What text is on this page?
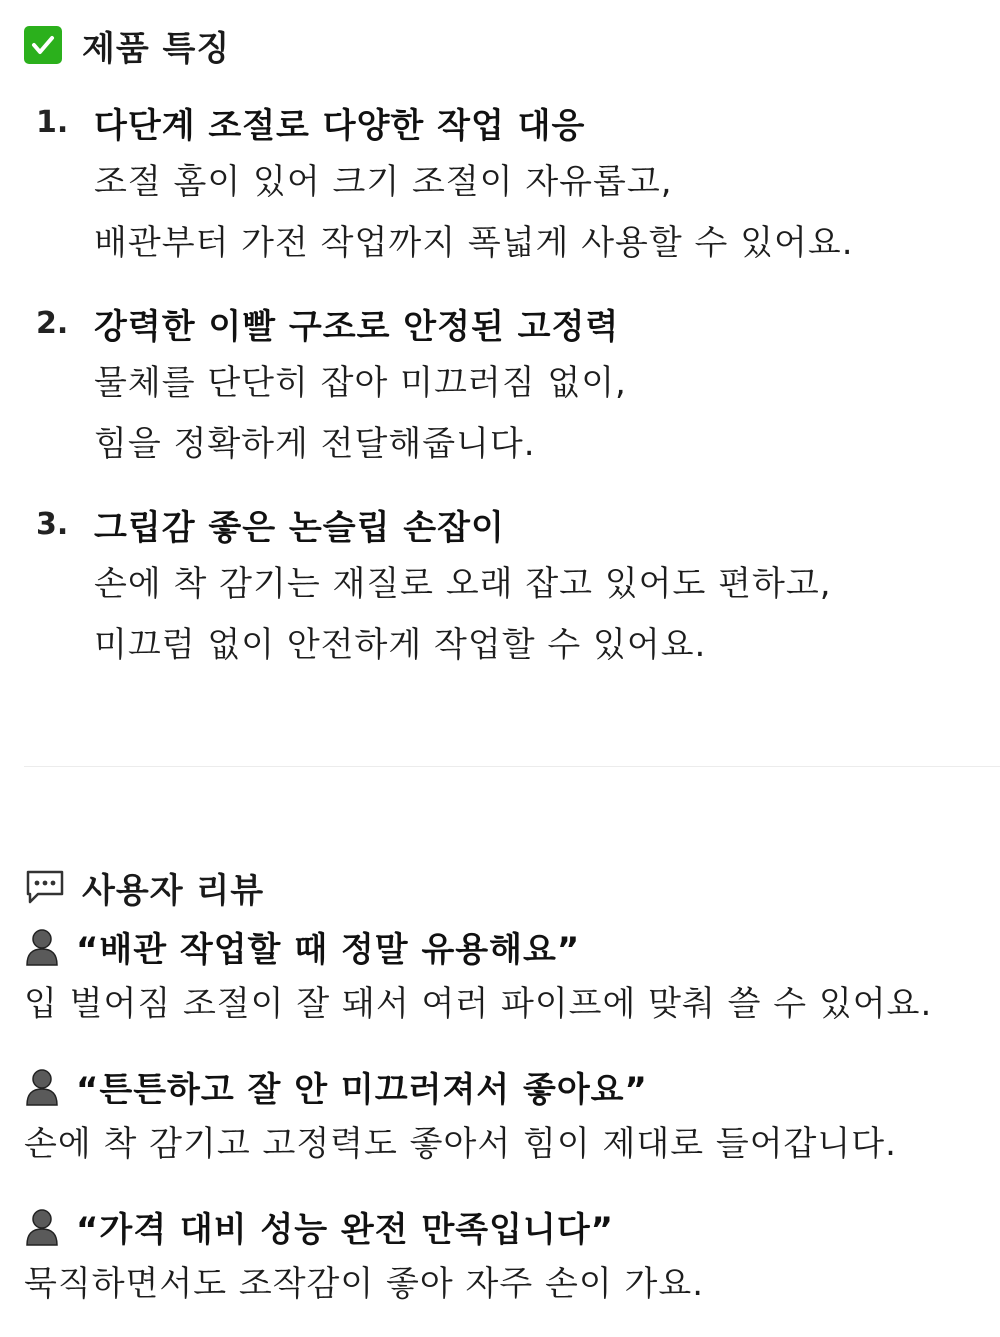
제품 특징
1. 다단계 조절로 다양한 작업 대응
조절 홈이 있어 크기 조절이 자유롭고,
배관부터 가전 작업까지 폭넓게 사용할 수 있어요.
2. 강력한 이빨 구조로 안정된 고정력
물체를 단단히 잡아 미끄러짐 없이,
힘을 정확하게 전달해줍니다.
3. 그립감 좋은 논슬립 손잡이
손에 착 감기는 재질로 오래 잡고 있어도 편하고,
미끄럼 없이 안전하게 작업할 수 있어요.
사용자 리뷰
“배관 작업할 때 정말 유용해요”
입 벌어짐 조절이 잘 돼서 여러 파이프에 맞춰 쓸 수 있어요.
“튼튼하고 잘 안 미끄러져서 좋아요”
손에 착 감기고 고정력도 좋아서 힘이 제대로 들어갑니다.
“가격 대비 성능 완전 만족입니다”
묵직하면서도 조작감이 좋아 자주 손이 가요.
